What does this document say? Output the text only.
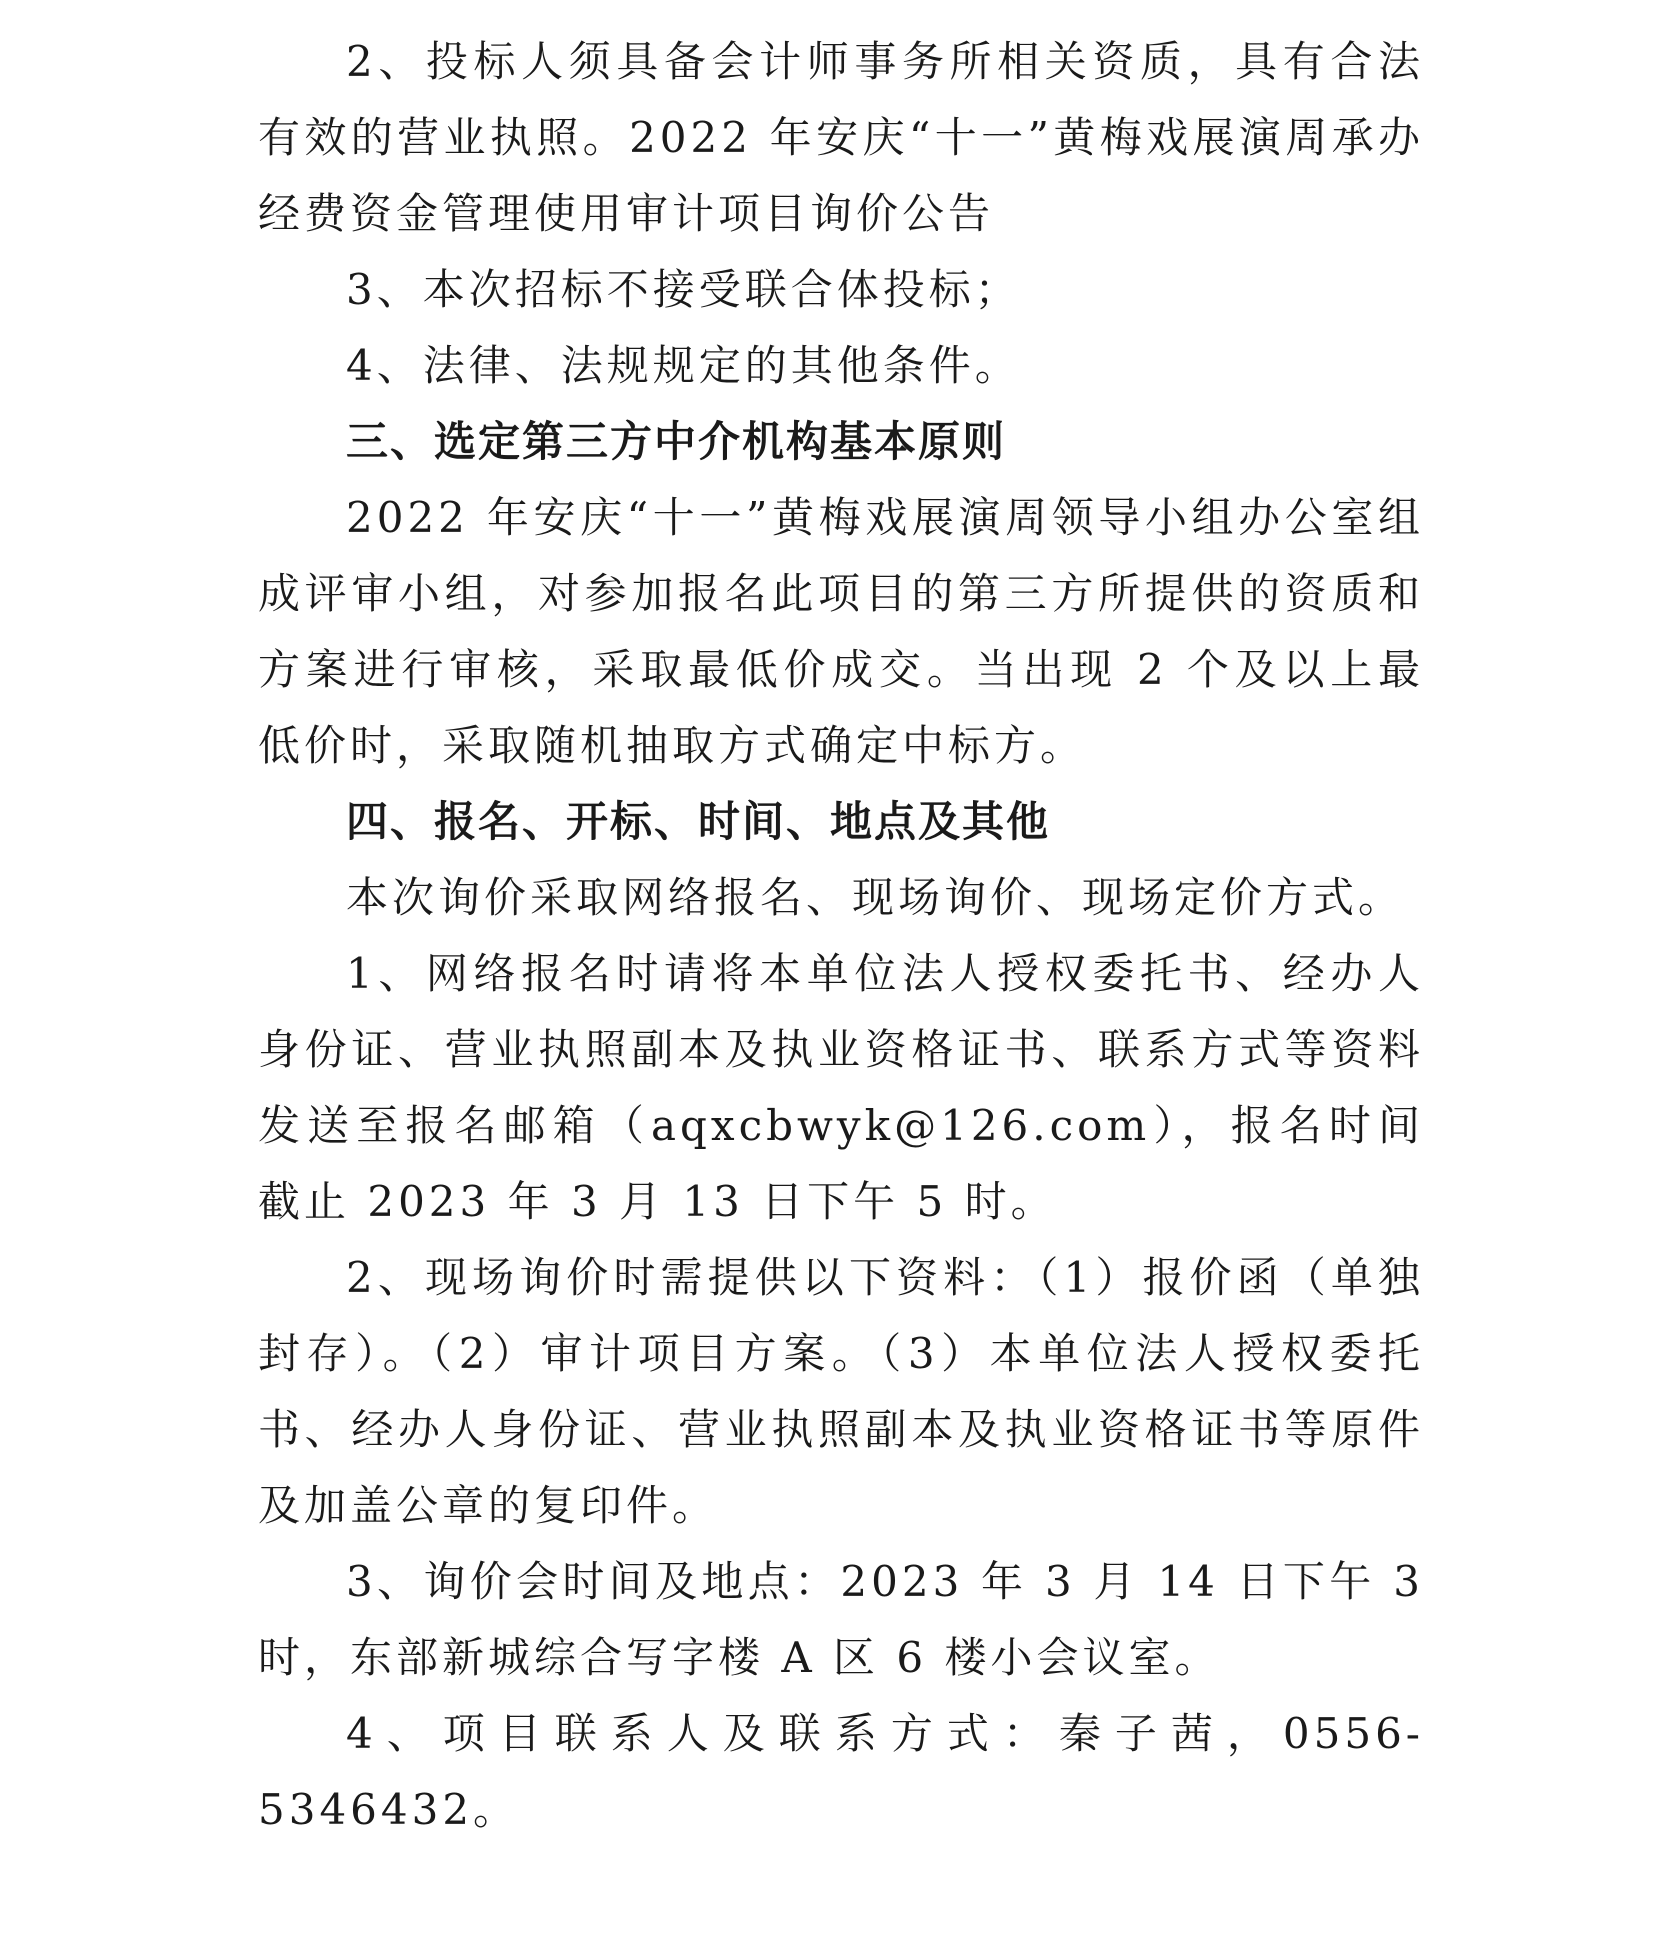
2、投标人须具备会计师事务所相关资质，具有合法有效的营业执照。2022 年安庆“十一”黄梅戏展演周承办经费资金管理使用审计项目询价公告

3、本次招标不接受联合体投标；

4、法律、法规规定的其他条件。

三、选定第三方中介机构基本原则

2022 年安庆“十一”黄梅戏展演周领导小组办公室组成评审小组，对参加报名此项目的第三方所提供的资质和方案进行审核，采取最低价成交。当出现 2 个及以上最低价时，采取随机抽取方式确定中标方。

四、报名、开标、时间、地点及其他

本次询价采取网络报名、现场询价、现场定价方式。

1、网络报名时请将本单位法人授权委托书、经办人身份证、营业执照副本及执业资格证书、联系方式等资料发送至报名邮箱（aqxcbwyk@126.com），报名时间截止 2023 年 3 月 13 日下午 5 时。

2、现场询价时需提供以下资料：（1）报价函（单独封存）。（2）审计项目方案。（3）本单位法人授权委托书、经办人身份证、营业执照副本及执业资格证书等原件及加盖公章的复印件。

3、询价会时间及地点：2023 年 3 月 14 日下午 3 时，东部新城综合写字楼 A 区 6 楼小会议室。

4、项目联系人及联系方式：秦子茜，0556-5346432。
